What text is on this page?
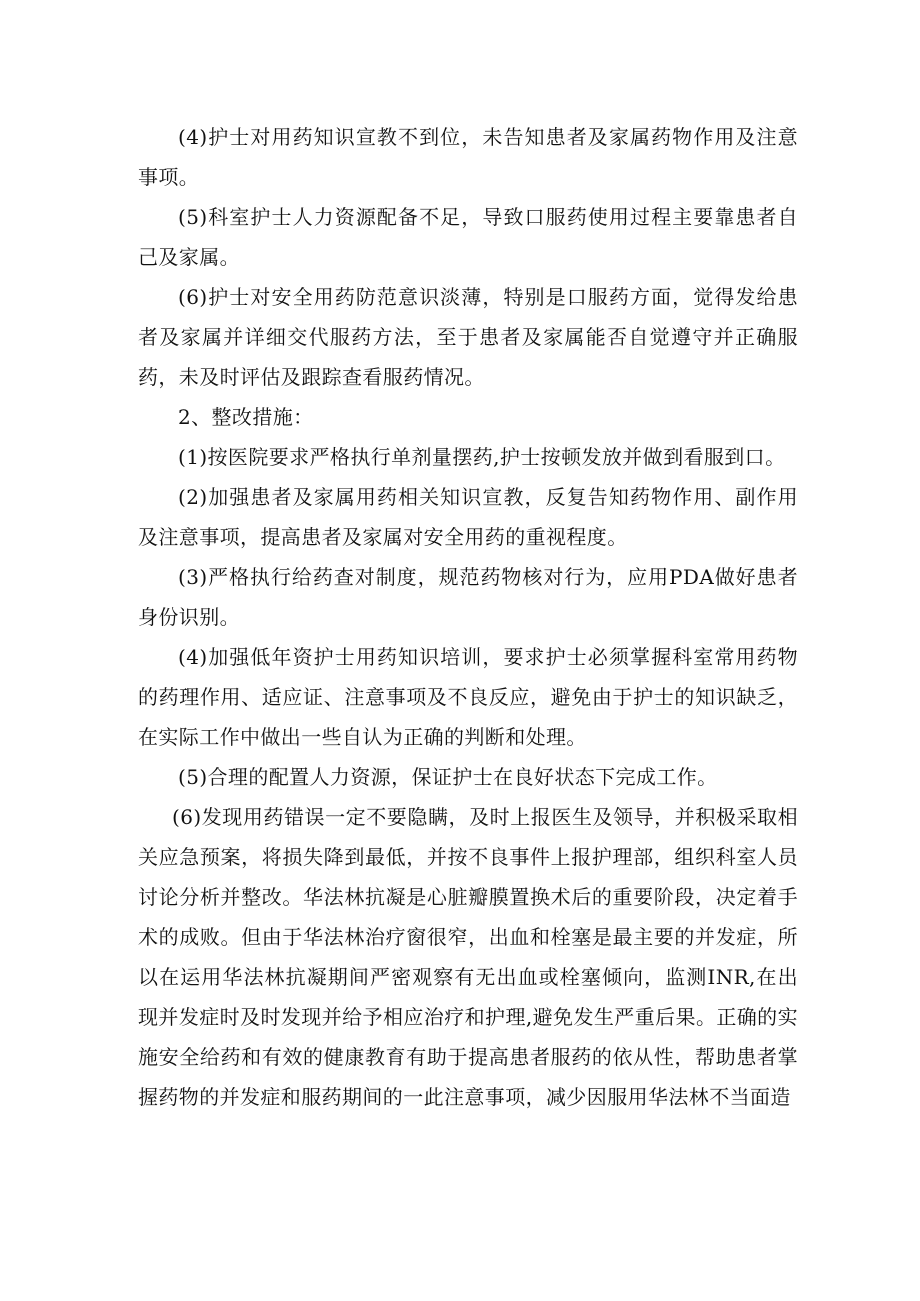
(4)护士对用药知识宣教不到位，未告知患者及家属药物作用及注意事项。

(5)科室护士人力资源配备不足，导致口服药使用过程主要靠患者自己及家属。

(6)护士对安全用药防范意识淡薄，特别是口服药方面，觉得发给患者及家属并详细交代服药方法，至于患者及家属能否自觉遵守并正确服药，未及时评估及跟踪查看服药情况。

2、整改措施：

(1)按医院要求严格执行单剂量摆药,护士按顿发放并做到看服到口。

(2)加强患者及家属用药相关知识宣教，反复告知药物作用、副作用及注意事项，提高患者及家属对安全用药的重视程度。

(3)严格执行给药查对制度，规范药物核对行为，应用PDA做好患者身份识别。

(4)加强低年资护士用药知识培训，要求护士必须掌握科室常用药物的药理作用、适应证、注意事项及不良反应，避免由于护士的知识缺乏，在实际工作中做出一些自认为正确的判断和处理。

(5)合理的配置人力资源，保证护士在良好状态下完成工作。

(6)发现用药错误一定不要隐瞒，及时上报医生及领导，并积极采取相关应急预案，将损失降到最低，并按不良事件上报护理部，组织科室人员讨论分析并整改。华法林抗凝是心脏瓣膜置换术后的重要阶段，决定着手术的成败。但由于华法林治疗窗很窄，出血和栓塞是最主要的并发症，所以在运用华法林抗凝期间严密观察有无出血或栓塞倾向，监测INR,在出现并发症时及时发现并给予相应治疗和护理,避免发生严重后果。正确的实施安全给药和有效的健康教育有助于提高患者服药的依从性，帮助患者掌握药物的并发症和服药期间的一此注意事项，减少因服用华法林不当面造
